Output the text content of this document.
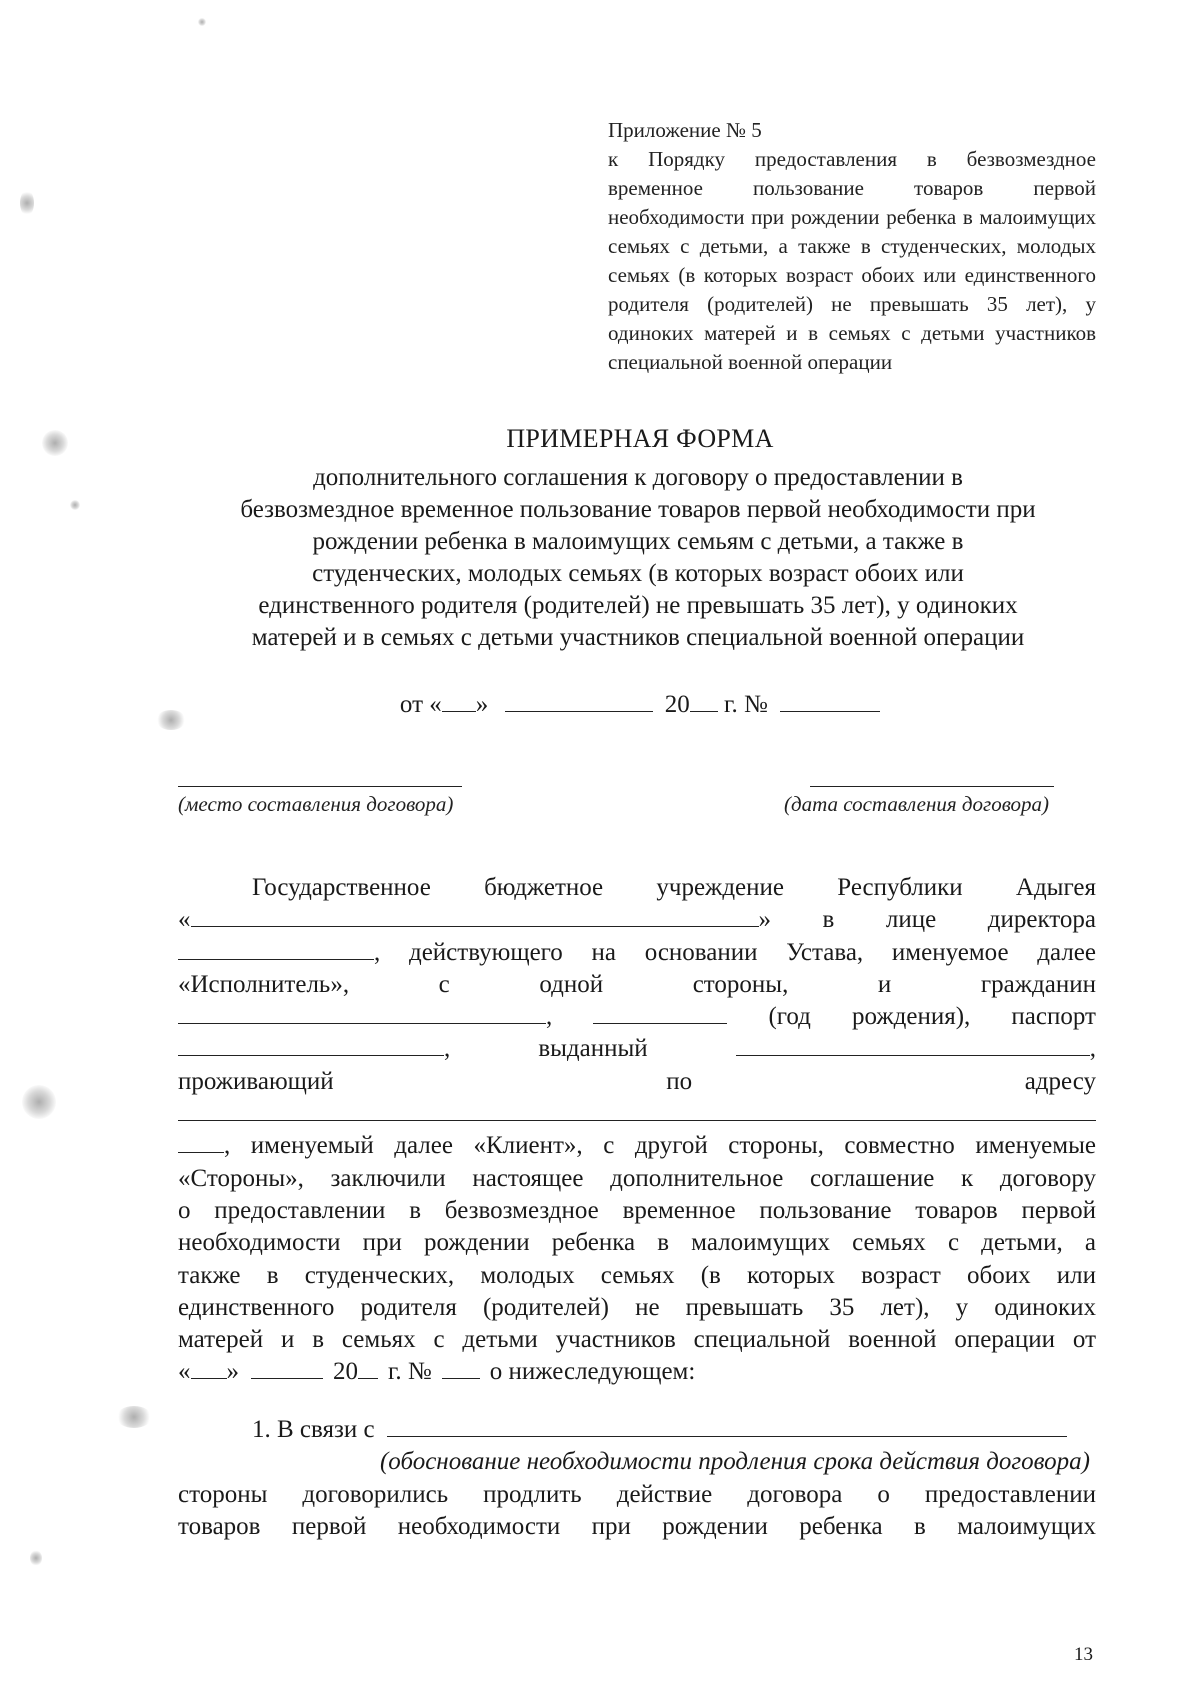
Приложение № 5
к Порядку предоставления в безвозмездное временное пользование товаров первой необходимости при рождении ребенка в малоимущих семьях с детьми, а также в студенческих, молодых семьях (в которых возраст обоих или единственного родителя (родителей) не превышать 35 лет), у одиноких матерей и в семьях с детьми участников специальной военной операции
ПРИМЕРНАЯ ФОРМА
дополнительного соглашения к договору о предоставлении в
безвозмездное временное пользование товаров первой необходимости при
рождении ребенка в малоимущих семьям с детьми, а также в
студенческих, молодых семьях (в которых возраст обоих или
единственного родителя (родителей) не превышать 35 лет), у одиноких
матерей и в семьях с детьми участников специальной военной операции
от « »	20 г. №
(место составления договора)	(дата составления договора)
Государственное бюджетное учреждение Республики Адыгея
«	» в лице директора
, действующего на основании Устава, именуемое далее
«Исполнитель»,	с	одной	стороны,	и	гражданин
,	(год рождения), паспорт
,	выданный	,
проживающий	по	адресу
, именуемый далее «Клиент», с другой стороны, совместно именуемые
«Стороны», заключили настоящее дополнительное соглашение к договору
о предоставлении в безвозмездное временное пользование товаров первой
необходимости при рождении ребенка в малоимущих семьях с детьми, а
также в студенческих, молодых семьях (в которых возраст обоих или
единственного родителя (родителей) не превышать 35 лет), у одиноких
матерей и в семьях с детьми участников специальной военной операции от
« »	20 г. № о нижеследующем:
1. В связи с
(обоснование необходимости продления срока действия договора)
стороны договорились продлить действие договора о предоставлении
товаров первой необходимости при рождении ребенка в малоимущих
13
